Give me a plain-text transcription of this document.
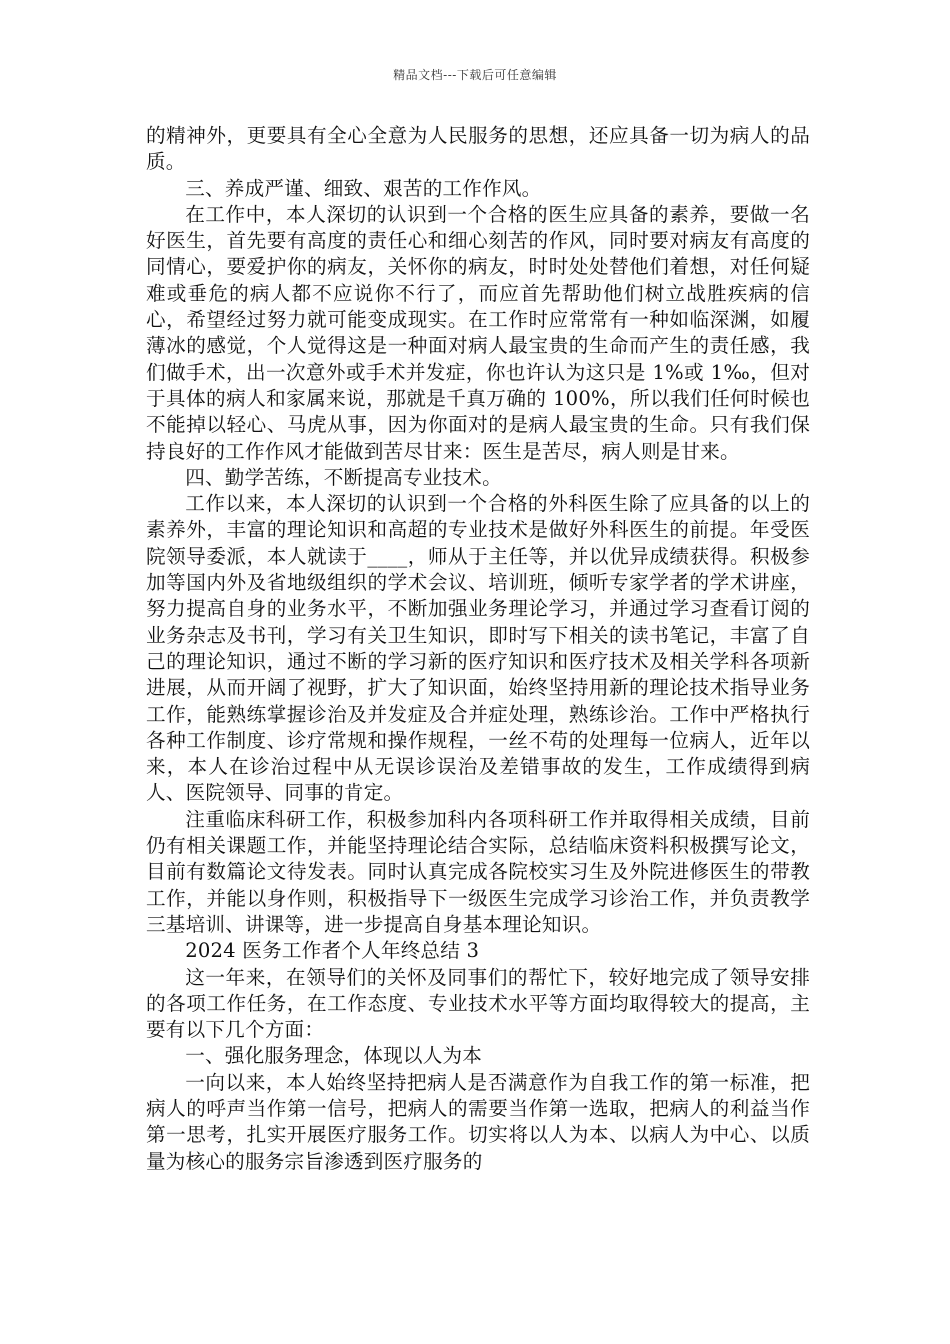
精品文档---下载后可任意编辑

的精神外，更要具有全心全意为人民服务的思想，还应具备一切为病人的品质。

三、养成严谨、细致、艰苦的工作作风。

在工作中，本人深切的认识到一个合格的医生应具备的素养，要做一名好医生，首先要有高度的责任心和细心刻苦的作风，同时要对病友有高度的同情心，要爱护你的病友，关怀你的病友，时时处处替他们着想，对任何疑难或垂危的病人都不应说你不行了，而应首先帮助他们树立战胜疾病的信心，希望经过努力就可能变成现实。在工作时应常常有一种如临深渊，如履薄冰的感觉，个人觉得这是一种面对病人最宝贵的生命而产生的责任感，我们做手术，出一次意外或手术并发症，你也许认为这只是 1%或 1‰，但对于具体的病人和家属来说，那就是千真万确的 100%，所以我们任何时候也不能掉以轻心、马虎从事，因为你面对的是病人最宝贵的生命。只有我们保持良好的工作作风才能做到苦尽甘来：医生是苦尽，病人则是甘来。

四、勤学苦练，不断提高专业技术。

工作以来，本人深切的认识到一个合格的外科医生除了应具备的以上的素养外，丰富的理论知识和高超的专业技术是做好外科医生的前提。年受医院领导委派，本人就读于____，师从于主任等，并以优异成绩获得。积极参加等国内外及省地级组织的学术会议、培训班，倾听专家学者的学术讲座，努力提高自身的业务水平，不断加强业务理论学习，并通过学习查看订阅的业务杂志及书刊，学习有关卫生知识，即时写下相关的读书笔记，丰富了自己的理论知识，通过不断的学习新的医疗知识和医疗技术及相关学科各项新进展，从而开阔了视野，扩大了知识面，始终坚持用新的理论技术指导业务工作，能熟练掌握诊治及并发症及合并症处理，熟练诊治。工作中严格执行各种工作制度、诊疗常规和操作规程，一丝不苟的处理每一位病人，近年以来，本人在诊治过程中从无误诊误治及差错事故的发生，工作成绩得到病人、医院领导、同事的肯定。

注重临床科研工作，积极参加科内各项科研工作并取得相关成绩，目前仍有相关课题工作，并能坚持理论结合实际，总结临床资料积极撰写论文，目前有数篇论文待发表。同时认真完成各院校实习生及外院进修医生的带教工作，并能以身作则，积极指导下一级医生完成学习诊治工作，并负责教学三基培训、讲课等，进一步提高自身基本理论知识。

2024 医务工作者个人年终总结 3

这一年来，在领导们的关怀及同事们的帮忙下，较好地完成了领导安排的各项工作任务，在工作态度、专业技术水平等方面均取得较大的提高，主要有以下几个方面：

一、强化服务理念，体现以人为本

一向以来，本人始终坚持把病人是否满意作为自我工作的第一标准，把病人的呼声当作第一信号，把病人的需要当作第一选取，把病人的利益当作第一思考，扎实开展医疗服务工作。切实将以人为本、以病人为中心、以质量为核心的服务宗旨渗透到医疗服务的
